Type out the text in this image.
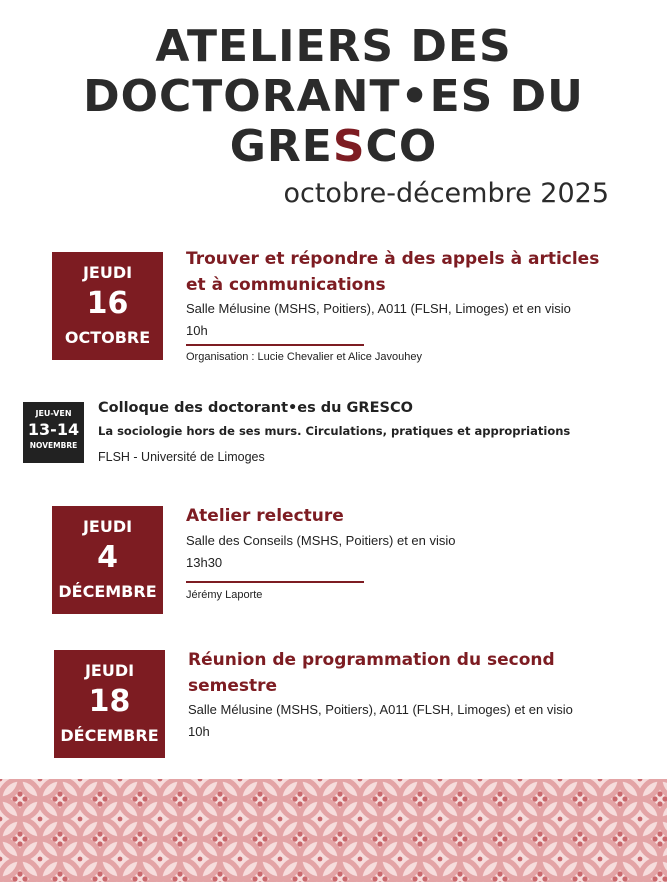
ATELIERS DES
DOCTORANT•ES DU
GRESCO
octobre-décembre 2025
JEUDI
16
OCTOBRE
Trouver et répondre à des appels à articles
et à communications
Salle Mélusine (MSHS, Poitiers), A011 (FLSH, Limoges) et en visio
10h
Organisation : Lucie Chevalier et Alice Javouhey
JEU-VEN
13-14
NOVEMBRE
Colloque des doctorant•es du GRESCO
La sociologie hors de ses murs. Circulations, pratiques et appropriations
FLSH - Université de Limoges
JEUDI
4
DÉCEMBRE
Atelier relecture
Salle des Conseils (MSHS, Poitiers) et en visio
13h30
Jérémy Laporte
JEUDI
18
DÉCEMBRE
Réunion de programmation du second
semestre
Salle Mélusine (MSHS, Poitiers), A011 (FLSH, Limoges) et en visio
10h
